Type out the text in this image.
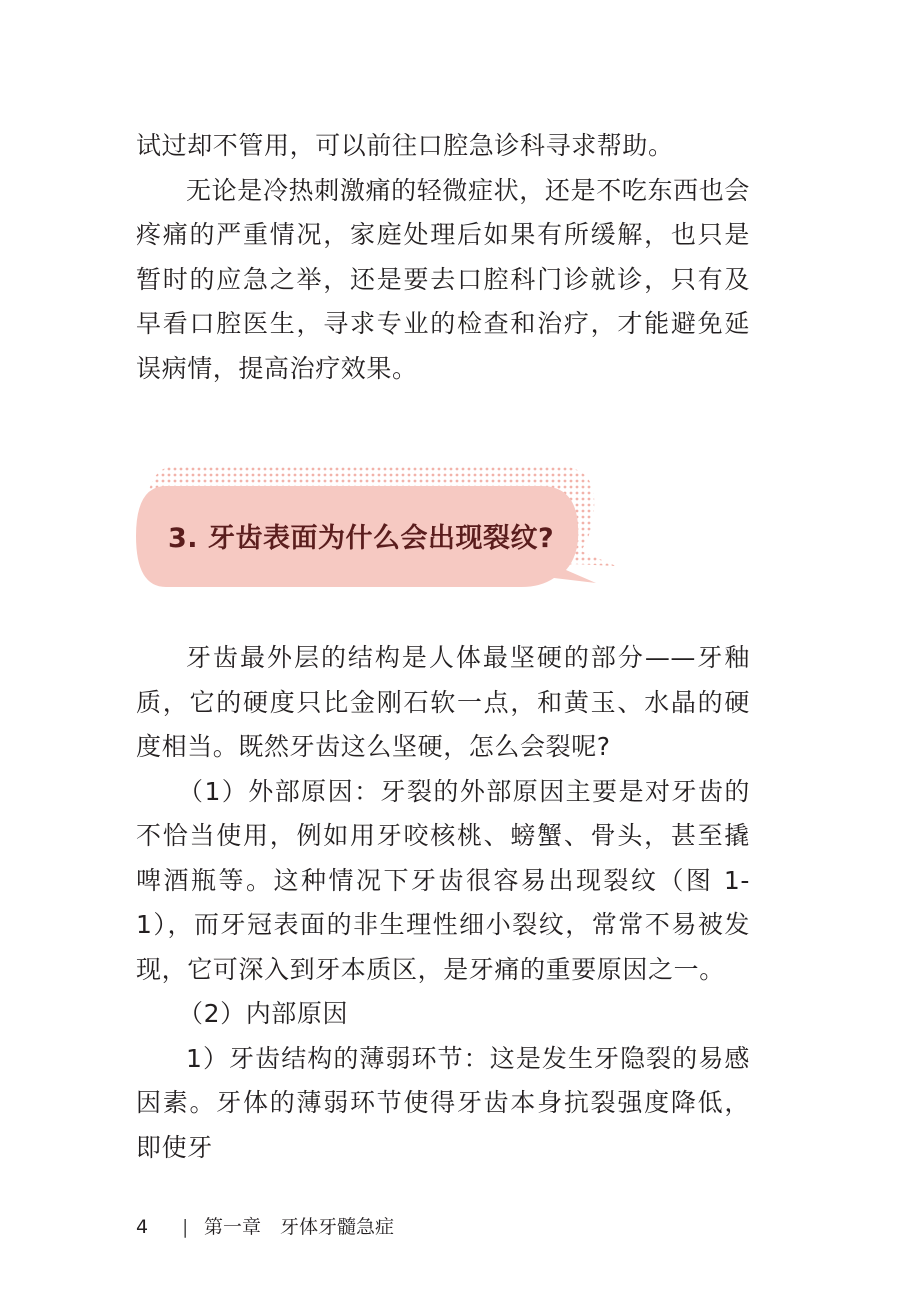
试过却不管用，可以前往口腔急诊科寻求帮助。

无论是冷热刺激痛的轻微症状，还是不吃东西也会疼痛的严重情况，家庭处理后如果有所缓解，也只是暂时的应急之举，还是要去口腔科门诊就诊，只有及早看口腔医生，寻求专业的检查和治疗，才能避免延误病情，提高治疗效果。

3. 牙齿表面为什么会出现裂纹?

牙齿最外层的结构是人体最坚硬的部分——牙釉质，它的硬度只比金刚石软一点，和黄玉、水晶的硬度相当。既然牙齿这么坚硬，怎么会裂呢?

（1）外部原因：牙裂的外部原因主要是对牙齿的不恰当使用，例如用牙咬核桃、螃蟹、骨头，甚至撬啤酒瓶等。这种情况下牙齿很容易出现裂纹（图 1-1），而牙冠表面的非生理性细小裂纹，常常不易被发现，它可深入到牙本质区，是牙痛的重要原因之一。

（2）内部原因

1）牙齿结构的薄弱环节：这是发生牙隐裂的易感因素。牙体的薄弱环节使得牙齿本身抗裂强度降低，即使牙

4 | 第一章　牙体牙髓急症
